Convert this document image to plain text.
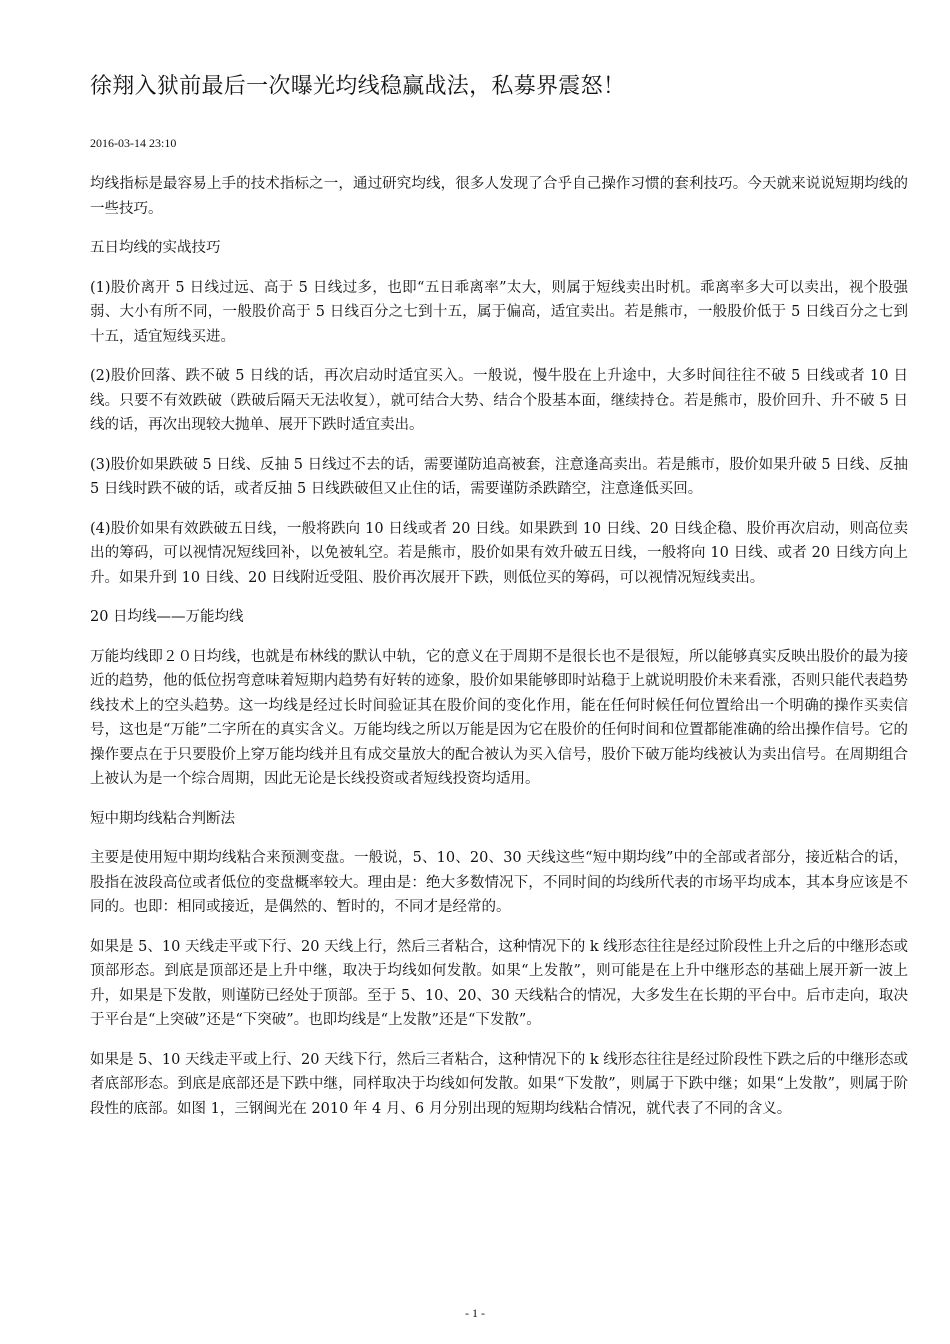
徐翔入狱前最后一次曝光均线稳赢战法，私募界震怒！
2016-03-14 23:10

均线指标是最容易上手的技术指标之一，通过研究均线，很多人发现了合乎自己操作习惯的套利技巧。今天就来说说短期均线的一些技巧。

五日均线的实战技巧

(1)股价离开 5 日线过远、高于 5 日线过多，也即“五日乖离率”太大，则属于短线卖出时机。乖离率多大可以卖出，视个股强弱、大小有所不同，一般股价高于 5 日线百分之七到十五，属于偏高，适宜卖出。若是熊市，一般股价低于 5 日线百分之七到十五，适宜短线买进。

(2)股价回落、跌不破 5 日线的话，再次启动时适宜买入。一般说，慢牛股在上升途中，大多时间往往不破 5 日线或者 10 日线。只要不有效跌破（跌破后隔天无法收复），就可结合大势、结合个股基本面，继续持仓。若是熊市，股价回升、升不破 5 日线的话，再次出现较大抛单、展开下跌时适宜卖出。

(3)股价如果跌破 5 日线、反抽 5 日线过不去的话，需要谨防追高被套，注意逢高卖出。若是熊市，股价如果升破 5 日线、反抽 5 日线时跌不破的话，或者反抽 5 日线跌破但又止住的话，需要谨防杀跌踏空，注意逢低买回。

(4)股价如果有效跌破五日线，一般将跌向 10 日线或者 20 日线。如果跌到 10 日线、20 日线企稳、股价再次启动，则高位卖出的筹码，可以视情况短线回补，以免被轧空。若是熊市，股价如果有效升破五日线，一般将向 10 日线、或者 20 日线方向上升。如果升到 10 日线、20 日线附近受阻、股价再次展开下跌，则低位买的筹码，可以视情况短线卖出。

20 日均线——万能均线

万能均线即２０日均线，也就是布林线的默认中轨，它的意义在于周期不是很长也不是很短，所以能够真实反映出股价的最为接近的趋势，他的低位拐弯意味着短期内趋势有好转的迹象，股价如果能够即时站稳于上就说明股价未来看涨，否则只能代表趋势线技术上的空头趋势。这一均线是经过长时间验证其在股价间的变化作用，能在任何时候任何位置给出一个明确的操作买卖信号，这也是“万能”二字所在的真实含义。万能均线之所以万能是因为它在股价的任何时间和位置都能准确的给出操作信号。它的操作要点在于只要股价上穿万能均线并且有成交量放大的配合被认为买入信号，股价下破万能均线被认为卖出信号。在周期组合上被认为是一个综合周期，因此无论是长线投资或者短线投资均适用。

短中期均线粘合判断法

主要是使用短中期均线粘合来预测变盘。一般说，5、10、20、30 天线这些“短中期均线”中的全部或者部分，接近粘合的话，股指在波段高位或者低位的变盘概率较大。理由是：绝大多数情况下，不同时间的均线所代表的市场平均成本，其本身应该是不同的。也即：相同或接近，是偶然的、暂时的，不同才是经常的。

如果是 5、10 天线走平或下行、20 天线上行，然后三者粘合，这种情况下的 k 线形态往往是经过阶段性上升之后的中继形态或顶部形态。到底是顶部还是上升中继，取决于均线如何发散。如果“上发散”，则可能是在上升中继形态的基础上展开新一波上升，如果是下发散，则谨防已经处于顶部。至于 5、10、20、30 天线粘合的情况，大多发生在长期的平台中。后市走向，取决于平台是“上突破”还是“下突破”。也即均线是“上发散”还是“下发散”。

如果是 5、10 天线走平或上行、20 天线下行，然后三者粘合，这种情况下的 k 线形态往往是经过阶段性下跌之后的中继形态或者底部形态。到底是底部还是下跌中继，同样取决于均线如何发散。如果“下发散”，则属于下跌中继；如果“上发散”，则属于阶段性的底部。如图 1，三钢闽光在 2010 年 4 月、6 月分别出现的短期均线粘合情况，就代表了不同的含义。

- 1 -
